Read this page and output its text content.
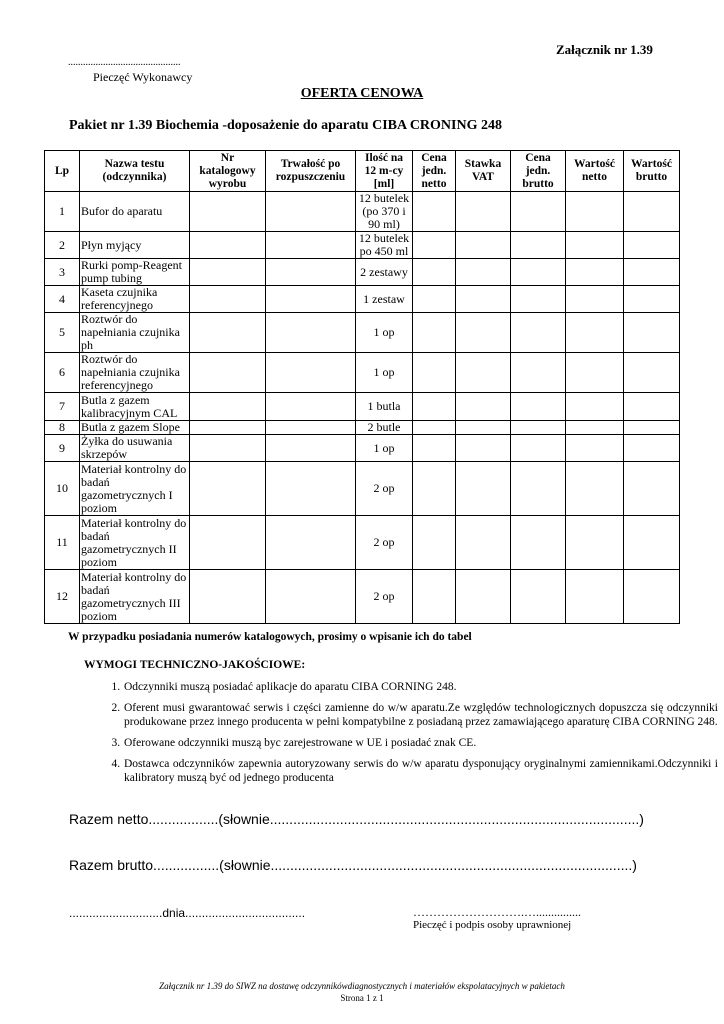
Załącznik nr 1.39
.............................................
Pieczęć Wykonawcy
OFERTA CENOWA
Pakiet nr 1.39 Biochemia -doposażenie do aparatu CIBA CRONING 248
Lp	Nazwa testu (odczynnika)	Nr katalogowy wyrobu	Trwałość po rozpuszczeniu	Ilość na 12 m-cy [ml]	Cena jedn. netto	Stawka VAT	Cena jedn. brutto	Wartość netto	Wartość brutto
1	Bufor do aparatu			12 butelek (po 370 i 90 ml)					
2	Płyn myjący			12 butelek po 450 ml					
3	Rurki pomp-Reagent pump tubing			2 zestawy					
4	Kaseta czujnika referencyjnego			1 zestaw					
5	Roztwór do napełniania czujnika ph			1 op					
6	Roztwór do napełniania czujnika referencyjnego			1 op					
7	Butla z gazem kalibracyjnym CAL			1 butla					
8	Butla z gazem Slope			2 butle					
9	Żyłka do usuwania skrzepów			1 op					
10	Materiał kontrolny do badań gazometrycznych I poziom			2 op					
11	Materiał kontrolny do badań gazometrycznych II poziom			2 op					
12	Materiał kontrolny do badań gazometrycznych III poziom			2 op					
W przypadku posiadania numerów katalogowych, prosimy o wpisanie ich do tabel
WYMOGI TECHNICZNO-JAKOŚCIOWE:
1. Odczynniki muszą posiadać aplikacje do aparatu CIBA CORNING 248.
2. Oferent musi gwarantować serwis i części zamienne do w/w aparatu.Ze względów technologicznych dopuszcza się odczynniki produkowane przez innego producenta w pełni kompatybilne z posiadaną przez zamawiającego aparaturę CIBA CORNING 248.
3. Oferowane odczynniki muszą byc zarejestrowane w UE i posiadać znak CE.
4. Dostawca odczynników zapewnia autoryzowany serwis do w/w aparatu dysponujący oryginalnymi zamiennikami.Odczynniki i kalibratory muszą być od jednego producenta
Razem netto..................(słownie...............................................................................................)
Razem brutto.................(słownie.............................................................................................)
............................dnia....................................	……………………….…...............
Pieczęć i podpis osoby uprawnionej
Załącznik nr 1.39 do SIWZ na dostawę odczynnikówdiagnostycznych i materiałów ekspolatacyjnych w pakietach
Strona 1 z 1
